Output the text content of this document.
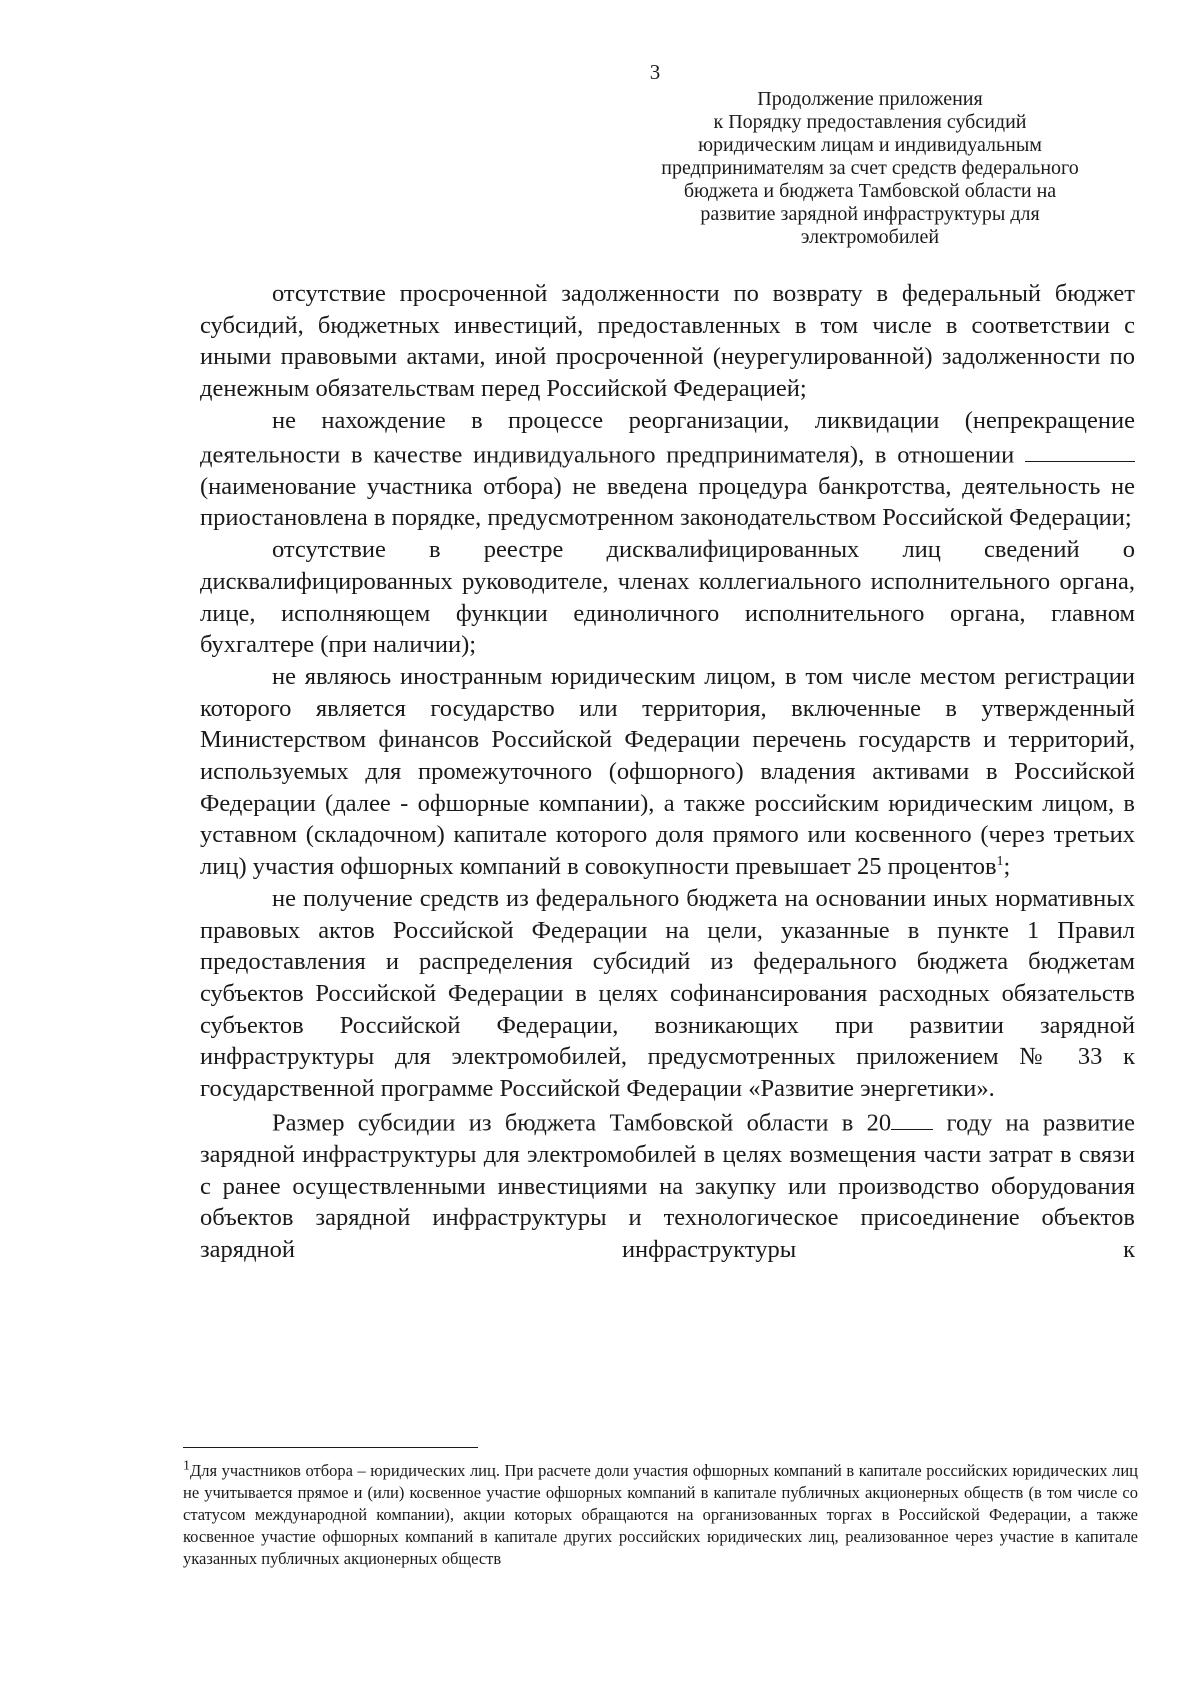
3
Продолжение приложения
к Порядку предоставления субсидий
юридическим лицам и индивидуальным
предпринимателям за счет средств федерального
бюджета и бюджета Тамбовской области на
развитие зарядной инфраструктуры для
электромобилей

отсутствие просроченной задолженности по возврату в федеральный бюджет субсидий, бюджетных инвестиций, предоставленных в том числе в соответствии с иными правовыми актами, иной просроченной (неурегулированной) задолженности по денежным обязательствам перед Российской Федерацией;

не нахождение в процессе реорганизации, ликвидации (непрекращение деятельности в качестве индивидуального предпринимателя), в отношении  (наименование участника отбора) не введена процедура банкротства, деятельность не приостановлена в порядке, предусмотренном законодательством Российской Федерации;

отсутствие в реестре дисквалифицированных лиц сведений о дисквалифицированных руководителе, членах коллегиального исполнительного органа, лице, исполняющем функции единоличного исполнительного органа, главном бухгалтере (при наличии);

не являюсь иностранным юридическим лицом, в том числе местом регистрации которого является государство или территория, включенные в утвержденный Министерством финансов Российской Федерации перечень государств и территорий, используемых для промежуточного (офшорного) владения активами в Российской Федерации (далее - офшорные компании), а также российским юридическим лицом, в уставном (складочном) капитале которого доля прямого или косвенного (через третьих лиц) участия офшорных компаний в совокупности превышает 25 процентов$^1$;

не получение средств из федерального бюджета на основании иных нормативных правовых актов Российской Федерации на цели, указанные в пункте 1 Правил предоставления и распределения субсидий из федерального бюджета бюджетам субъектов Российской Федерации в целях софинансирования расходных обязательств субъектов Российской Федерации, возникающих при развитии зарядной инфраструктуры для электромобилей, предусмотренных приложением № 33 к государственной программе Российской Федерации «Развитие энергетики».

Размер субсидии из бюджета Тамбовской области в 20 году на развитие зарядной инфраструктуры для электромобилей в целях возмещения части затрат в связи с ранее осуществленными инвестициями на закупку или производство оборудования объектов зарядной инфраструктуры и технологическое присоединение объектов зарядной инфраструктуры к

$^1$Для участников отбора – юридических лиц. При расчете доли участия офшорных компаний в капитале российских юридических лиц не учитывается прямое и (или) косвенное участие офшорных компаний в капитале публичных акционерных обществ (в том числе со статусом международной компании), акции которых обращаются на организованных торгах в Российской Федерации, а также косвенное участие офшорных компаний в капитале других российских юридических лиц, реализованное через участие в капитале указанных публичных акционерных обществ
